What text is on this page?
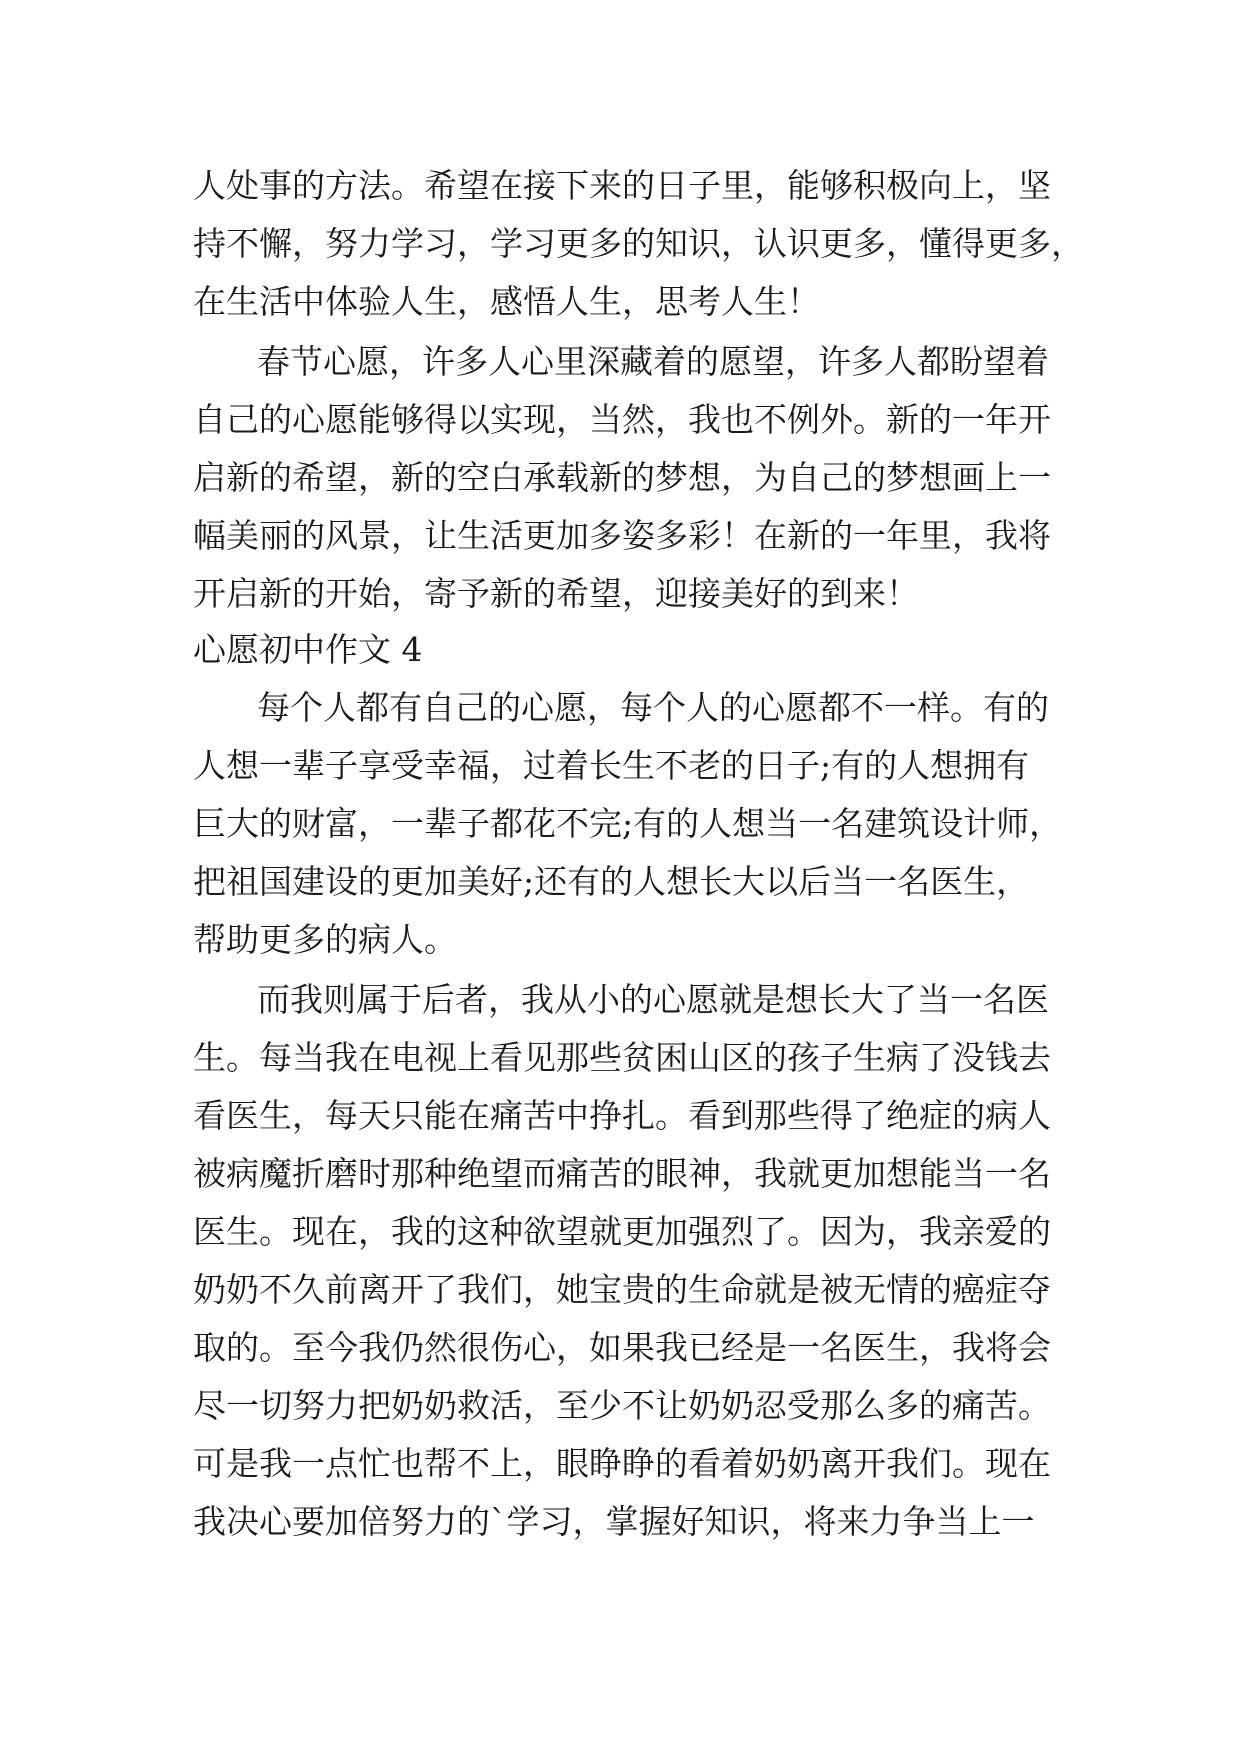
人处事的方法。希望在接下来的日子里，能够积极向上，坚
持不懈，努力学习，学习更多的知识，认识更多，懂得更多，
在生活中体验人生，感悟人生，思考人生！
春节心愿，许多人心里深藏着的愿望，许多人都盼望着
自己的心愿能够得以实现，当然，我也不例外。新的一年开
启新的希望，新的空白承载新的梦想，为自己的梦想画上一
幅美丽的风景，让生活更加多姿多彩！在新的一年里，我将
开启新的开始，寄予新的希望，迎接美好的到来！
心愿初中作文 4
每个人都有自己的心愿，每个人的心愿都不一样。有的
人想一辈子享受幸福，过着长生不老的日子;有的人想拥有
巨大的财富，一辈子都花不完;有的人想当一名建筑设计师，
把祖国建设的更加美好;还有的人想长大以后当一名医生，
帮助更多的病人。
而我则属于后者，我从小的心愿就是想长大了当一名医
生。每当我在电视上看见那些贫困山区的孩子生病了没钱去
看医生，每天只能在痛苦中挣扎。看到那些得了绝症的病人
被病魔折磨时那种绝望而痛苦的眼神，我就更加想能当一名
医生。现在，我的这种欲望就更加强烈了。因为，我亲爱的
奶奶不久前离开了我们，她宝贵的生命就是被无情的癌症夺
取的。至今我仍然很伤心，如果我已经是一名医生，我将会
尽一切努力把奶奶救活，至少不让奶奶忍受那么多的痛苦。
可是我一点忙也帮不上，眼睁睁的看着奶奶离开我们。现在
我决心要加倍努力的`学习，掌握好知识，将来力争当上一
